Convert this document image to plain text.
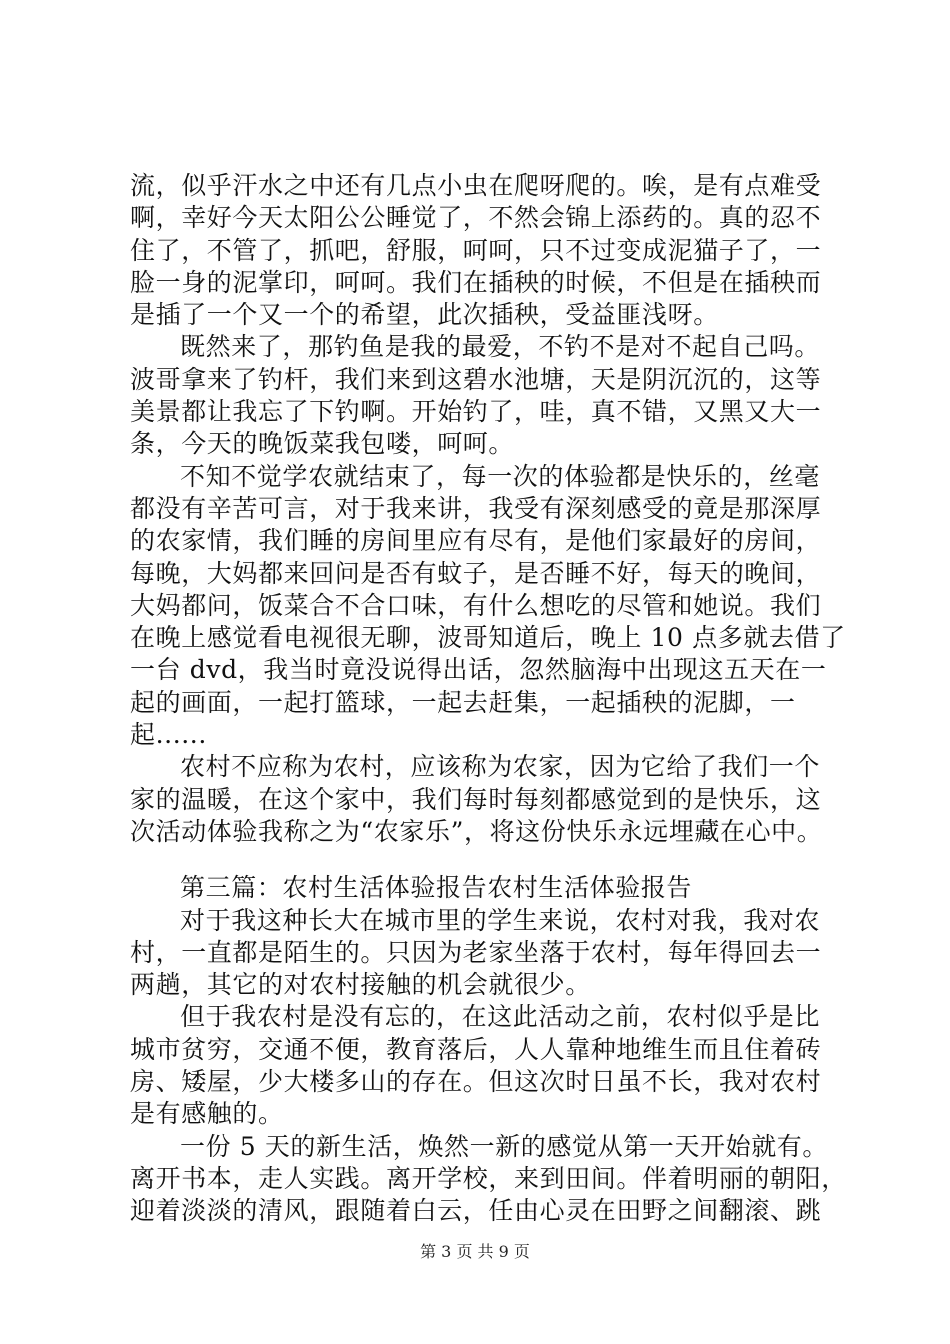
流，似乎汗水之中还有几点小虫在爬呀爬的。唉，是有点难受
啊，幸好今天太阳公公睡觉了，不然会锦上添药的。真的忍不
住了，不管了，抓吧，舒服，呵呵，只不过变成泥猫子了，一
脸一身的泥掌印，呵呵。我们在插秧的时候，不但是在插秧而
是插了一个又一个的希望，此次插秧，受益匪浅呀。
既然来了，那钓鱼是我的最爱，不钓不是对不起自己吗。
波哥拿来了钓杆，我们来到这碧水池塘，天是阴沉沉的，这等
美景都让我忘了下钓啊。开始钓了，哇，真不错，又黑又大一
条，今天的晚饭菜我包喽，呵呵。
不知不觉学农就结束了，每一次的体验都是快乐的，丝毫
都没有辛苦可言，对于我来讲，我受有深刻感受的竟是那深厚
的农家情，我们睡的房间里应有尽有，是他们家最好的房间，
每晚，大妈都来回问是否有蚊子，是否睡不好，每天的晚间，
大妈都问，饭菜合不合口味，有什么想吃的尽管和她说。我们
在晚上感觉看电视很无聊，波哥知道后，晚上 10 点多就去借了
一台 dvd，我当时竟没说得出话，忽然脑海中出现这五天在一
起的画面，一起打篮球，一起去赶集，一起插秧的泥脚，一
起......
农村不应称为农村，应该称为农家，因为它给了我们一个
家的温暖，在这个家中，我们每时每刻都感觉到的是快乐，这
次活动体验我称之为“农家乐”，将这份快乐永远埋藏在心中。
第三篇：农村生活体验报告农村生活体验报告
对于我这种长大在城市里的学生来说，农村对我，我对农
村，一直都是陌生的。只因为老家坐落于农村，每年得回去一
两趟，其它的对农村接触的机会就很少。
但于我农村是没有忘的，在这此活动之前，农村似乎是比
城市贫穷，交通不便，教育落后，人人靠种地维生而且住着砖
房、矮屋，少大楼多山的存在。但这次时日虽不长，我对农村
是有感触的。
一份 5 天的新生活，焕然一新的感觉从第一天开始就有。
离开书本，走人实践。离开学校，来到田间。伴着明丽的朝阳，
迎着淡淡的清风，跟随着白云，任由心灵在田野之间翻滚、跳
第 3 页 共 9 页
